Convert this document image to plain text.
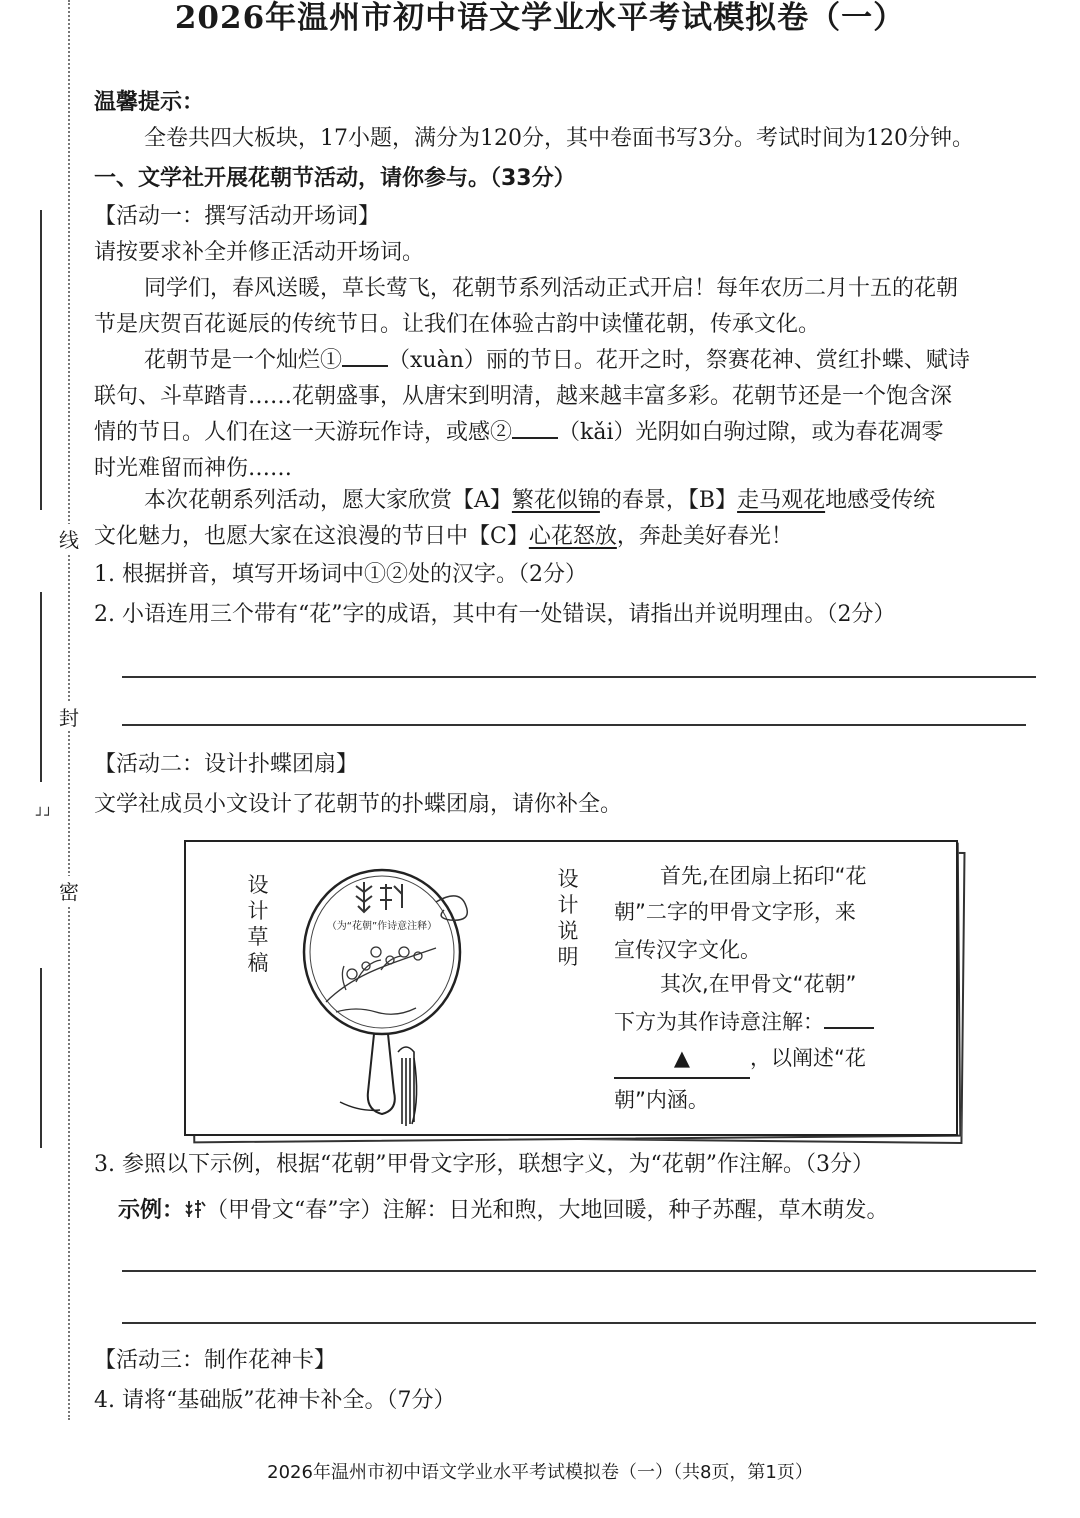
线
封
密
┘┘
2026年温州市初中语文学业水平考试模拟卷（一）
温馨提示：
全卷共四大板块，17小题，满分为120分，其中卷面书写3分。考试时间为120分钟。
一、文学社开展花朝节活动，请你参与。（33分）
【活动一：撰写活动开场词】
请按要求补全并修正活动开场词。
同学们，春风送暖，草长莺飞，花朝节系列活动正式开启！每年农历二月十五的花朝
节是庆贺百花诞辰的传统节日。让我们在体验古韵中读懂花朝，传承文化。
花朝节是一个灿烂① （xuàn）丽的节日。花开之时，祭赛花神、赏红扑蝶、赋诗
联句、斗草踏青……花朝盛事，从唐宋到明清，越来越丰富多彩。花朝节还是一个饱含深
情的节日。人们在这一天游玩作诗，或感② （kǎi）光阴如白驹过隙，或为春花凋零
时光难留而神伤……
本次花朝系列活动，愿大家欣赏【A】繁花似锦的春景，【B】走马观花地感受传统
文化魅力，也愿大家在这浪漫的节日中【C】心花怒放，奔赴美好春光！
1. 根据拼音，填写开场词中①②处的汉字。（2分）
2. 小语连用三个带有“花”字的成语，其中有一处错误，请指出并说明理由。（2分）
【活动二：设计扑蝶团扇】
文学社成员小文设计了花朝节的扑蝶团扇，请你补全。
设计草稿
设计说明
（为“花朝”作诗意注释）
首先,在团扇上拓印“花
朝”二字的甲骨文字形，来
宣传汉字文化。
其次,在甲骨文“花朝”
下方为其作诗意注解：
▲	，以阐述“花
朝”内涵。
3. 参照以下示例，根据“花朝”甲骨文字形，联想字义，为“花朝”作注解。（3分）
示例： （甲骨文“春”字）注解：日光和煦，大地回暖，种子苏醒，草木萌发。
【活动三：制作花神卡】
4. 请将“基础版”花神卡补全。（7分）
2026年温州市初中语文学业水平考试模拟卷（一）（共8页，第1页）
